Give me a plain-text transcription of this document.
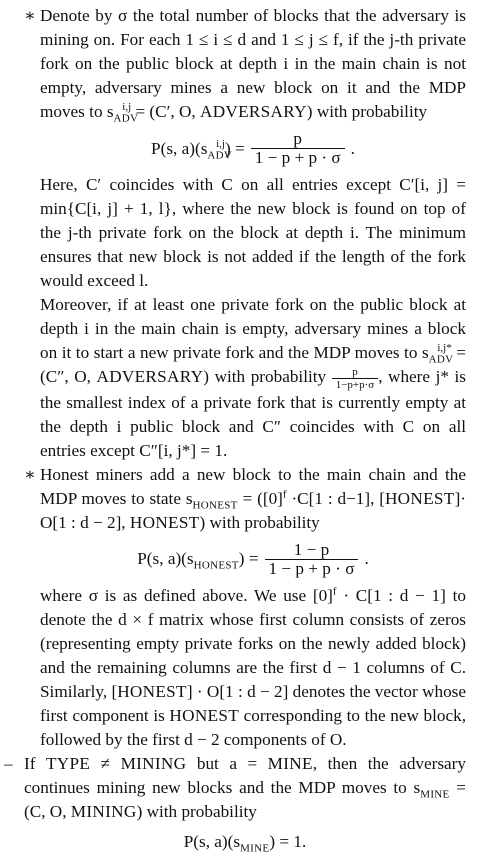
∗ Denote by σ the total number of blocks that the adversary is mining on. For each 1 ≤ i ≤ d and 1 ≤ j ≤ f, if the j-th private fork on the public block at depth i in the main chain is not empty, adversary mines a new block on it and the MDP moves to $s_{ADV}^{i,j} = (C'$, O, ADVERSARY) with probability

P(s, $a)(s_{ADV}^{i,j}) = \frac{p}{1 - p + p \cdot \sigma}$ .

Here, C′ coincides with C on all entries except C′[i, j] = min{C[i, j] + 1, l}, where the new block is found on top of the j-th private fork on the block at depth i. The minimum ensures that new block is not added if the length of the fork would exceed l.

Moreover, if at least one private fork on the public block at depth i in the main chain is empty, adversary mines a block on it to start a new private fork and the MDP moves to $s_{ADV}^{i,j*} = (C''$, O, ADVERSARY) with probability $\frac{p}{1-p+p\cdot\sigma}$ , where j* is the smallest index of a private fork that is currently empty at the depth i public block and C″ coincides with C on all entries except C″[i, j*] = 1.

∗ Honest miners add a new block to the main chain and the MDP moves to state $s_{HONEST} = ([0]^f \cdot C[1$ : d−1], [HONEST]· O[1 : d − 2], HONEST) with probability

P(s, $a)(s_{HONEST}) = \frac{1 - p}{1 - p + p \cdot \sigma}$ .

where σ is as defined above. We use $[0]^f \cdot C[1$ : d − 1] to denote the d × f matrix whose first column consists of zeros (representing empty private forks on the newly added block) and the remaining columns are the first d − 1 columns of C. Similarly, [HONEST] · O[1 : d − 2] denotes the vector whose first component is HONEST corresponding to the new block, followed by the first d − 2 components of O.

– If TYPE ≠ MINING but a = MINE, then the adversary continues mining new blocks and the MDP moves to $s_{MINE} = (C$, O, MINING) with probability

P(s, $a)(s_{MINE}) = 1$.
